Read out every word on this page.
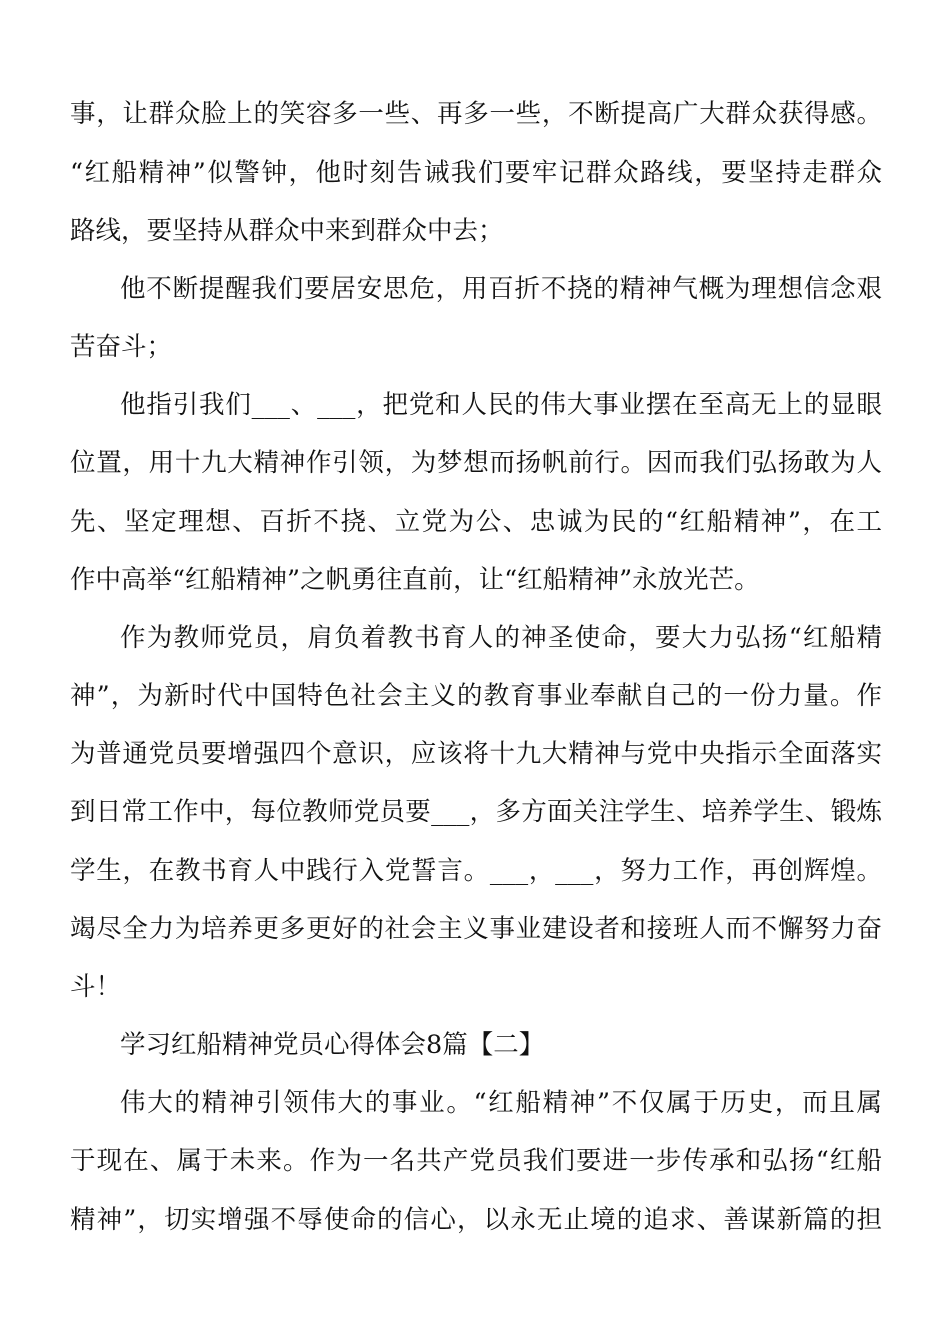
事，让群众脸上的笑容多一些、再多一些，不断提高广大群众获得感。
“红船精神”似警钟，他时刻告诫我们要牢记群众路线，要坚持走群众
路线，要坚持从群众中来到群众中去；
他不断提醒我们要居安思危，用百折不挠的精神气概为理想信念艰
苦奋斗；
他指引我们___、___，把党和人民的伟大事业摆在至高无上的显眼
位置，用十九大精神作引领，为梦想而扬帆前行。因而我们弘扬敢为人
先、坚定理想、百折不挠、立党为公、忠诚为民的“红船精神”，在工
作中高举“红船精神”之帆勇往直前，让“红船精神”永放光芒。
作为教师党员，肩负着教书育人的神圣使命，要大力弘扬“红船精
神”，为新时代中国特色社会主义的教育事业奉献自己的一份力量。作
为普通党员要增强四个意识，应该将十九大精神与党中央指示全面落实
到日常工作中，每位教师党员要___，多方面关注学生、培养学生、锻炼
学生，在教书育人中践行入党誓言。___，___，努力工作，再创辉煌。
竭尽全力为培养更多更好的社会主义事业建设者和接班人而不懈努力奋
斗！
学习红船精神党员心得体会8篇【二】
伟大的精神引领伟大的事业。“红船精神”不仅属于历史，而且属
于现在、属于未来。作为一名共产党员我们要进一步传承和弘扬“红船
精神”，切实增强不辱使命的信心，以永无止境的追求、善谋新篇的担
